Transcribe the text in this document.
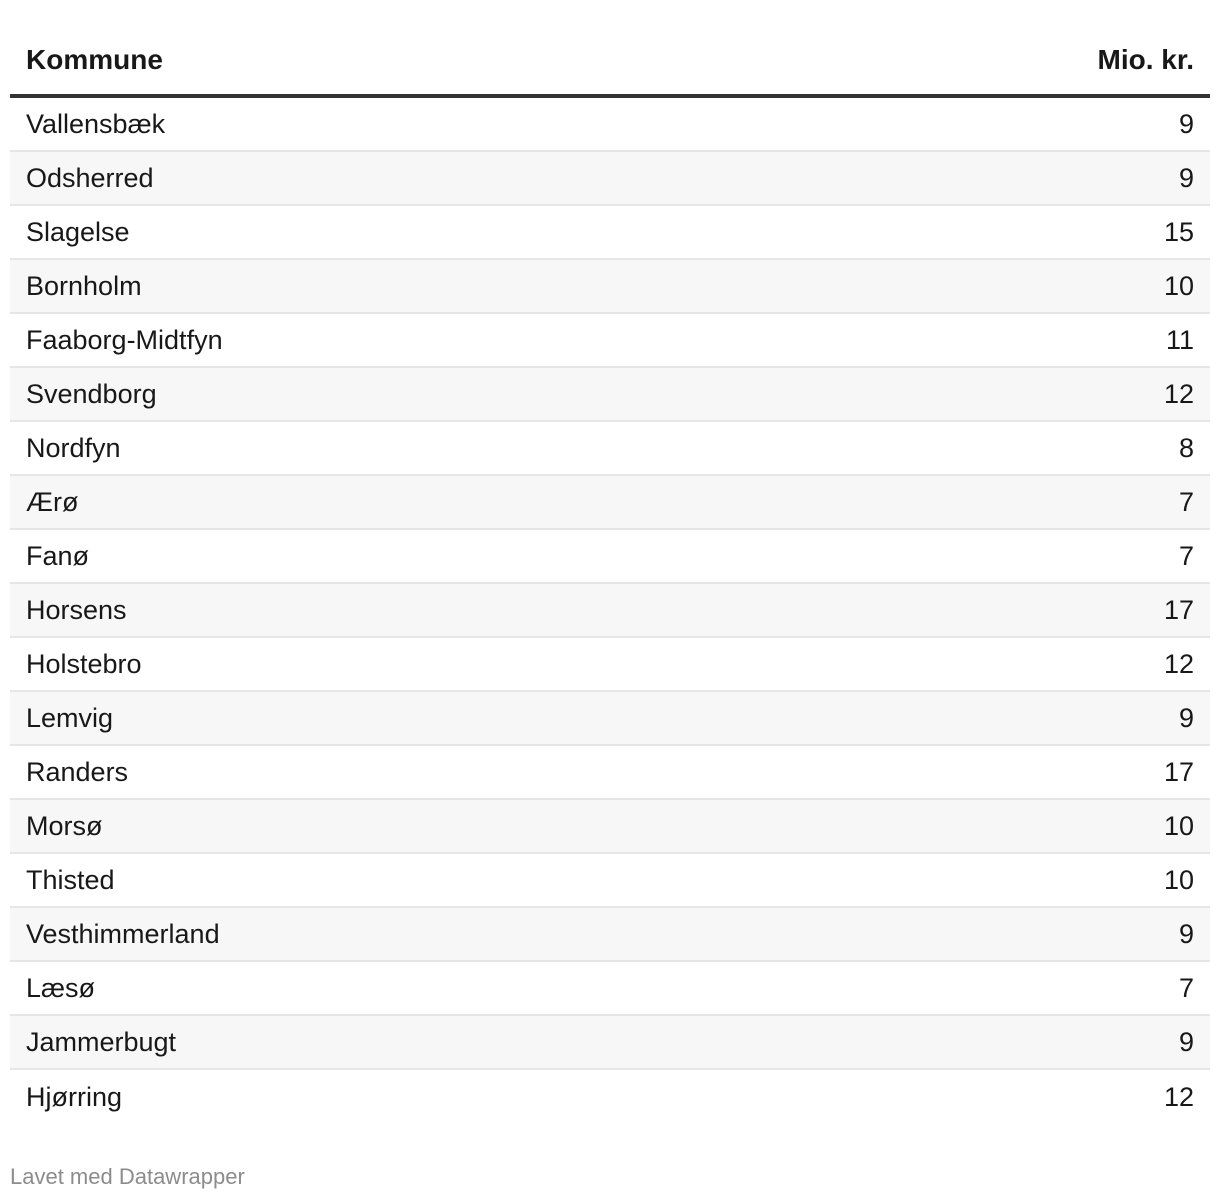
Kommune	Mio. kr.
Vallensbæk	9
Odsherred	9
Slagelse	15
Bornholm	10
Faaborg-Midtfyn	11
Svendborg	12
Nordfyn	8
Ærø	7
Fanø	7
Horsens	17
Holstebro	12
Lemvig	9
Randers	17
Morsø	10
Thisted	10
Vesthimmerland	9
Læsø	7
Jammerbugt	9
Hjørring	12
Lavet med Datawrapper
